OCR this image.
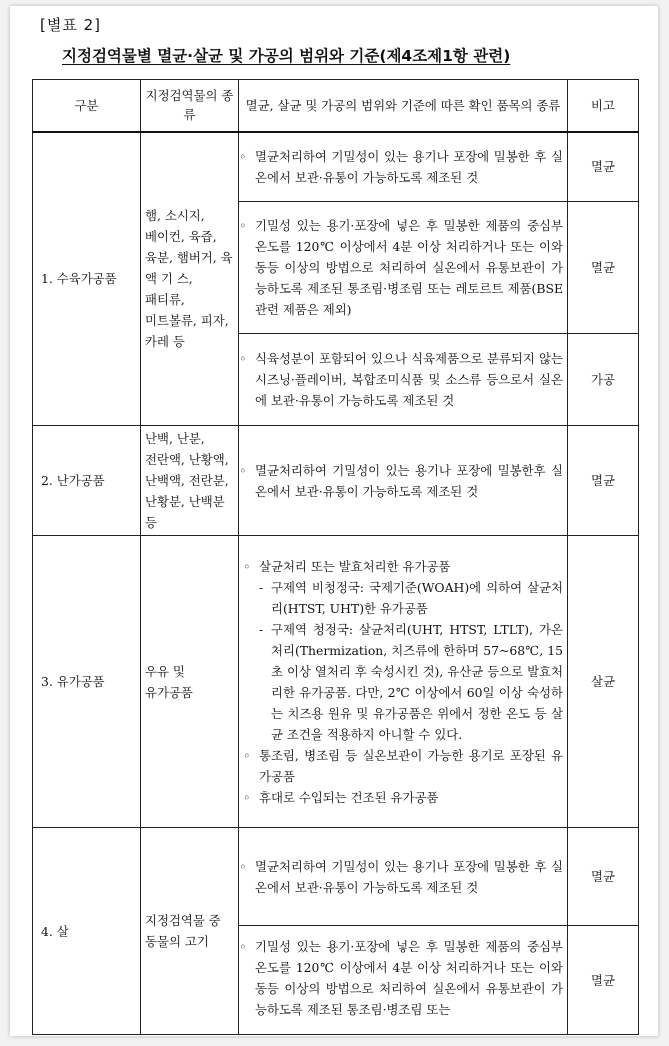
[별표 2]
지정검역물별 멸균·살균 및 가공의 범위와 기준(제4조제1항 관련)
구분	지정검역물의 종류	멸균, 살균 및 가공의 범위와 기준에 따른 확인 품목의 종류	비고
1. 수육가공품	햄, 소시지, 베이컨, 육즙, 육분, 햄버거, 육 액 기 스, 패티류, 미트볼류, 피자, 카레 등	◦ 멸균처리하여 기밀성이 있는 용기나 포장에 밀봉한 후 실온에서 보관·유통이 가능하도록 제조된 것	멸균
		◦ 기밀성 있는 용기·포장에 넣은 후 밀봉한 제품의 중심부 온도를 120℃ 이상에서 4분 이상 처리하거나 또는 이와 동등 이상의 방법으로 처리하여 실온에서 유통보관이 가능하도록 제조된 통조림·병조림 또는 레토르트 제품(BSE 관련 제품은 제외)	멸균
		◦ 식육성분이 포함되어 있으나 식육제품으로 분류되지 않는 시즈닝·플레이버, 복합조미식품 및 소스류 등으로서 실온에 보관·유통이 가능하도록 제조된 것	가공
2. 난가공품	난백, 난분, 전란액, 난황액, 난백액, 전란분, 난황분, 난백분 등	◦ 멸균처리하여 기밀성이 있는 용기나 포장에 밀봉한후 실온에서 보관·유통이 가능하도록 제조된 것	멸균
3. 유가공품	우유 및 유가공품	◦ 살균처리 또는 발효처리한 유가공품
- 구제역 비청정국: 국제기준(WOAH)에 의하여 살균처리(HTST, UHT)한 유가공품
- 구제역 청정국: 살균처리(UHT, HTST, LTLT), 가온처리(Thermization, 치즈류에 한하며 57~68℃, 15초 이상 열처리 후 숙성시킨 것), 유산균 등으로 발효처리한 유가공품. 다만, 2℃ 이상에서 60일 이상 숙성하는 치즈용 원유 및 유가공품은 위에서 정한 온도 등 살균 조건을 적용하지 아니할 수 있다.
◦ 통조림, 병조림 등 실온보관이 가능한 용기로 포장된 유가공품
◦ 휴대로 수입되는 건조된 유가공품	살균
4. 살	지정검역물 중 동물의 고기	◦ 멸균처리하여 기밀성이 있는 용기나 포장에 밀봉한 후 실온에서 보관·유통이 가능하도록 제조된 것	멸균
		◦ 기밀성 있는 용기·포장에 넣은 후 밀봉한 제품의 중심부 온도를 120℃ 이상에서 4분 이상 처리하거나 또는 이와 동등 이상의 방법으로 처리하여 실온에서 유통보관이 가능하도록 제조된 통조림·병조림 또는	멸균
